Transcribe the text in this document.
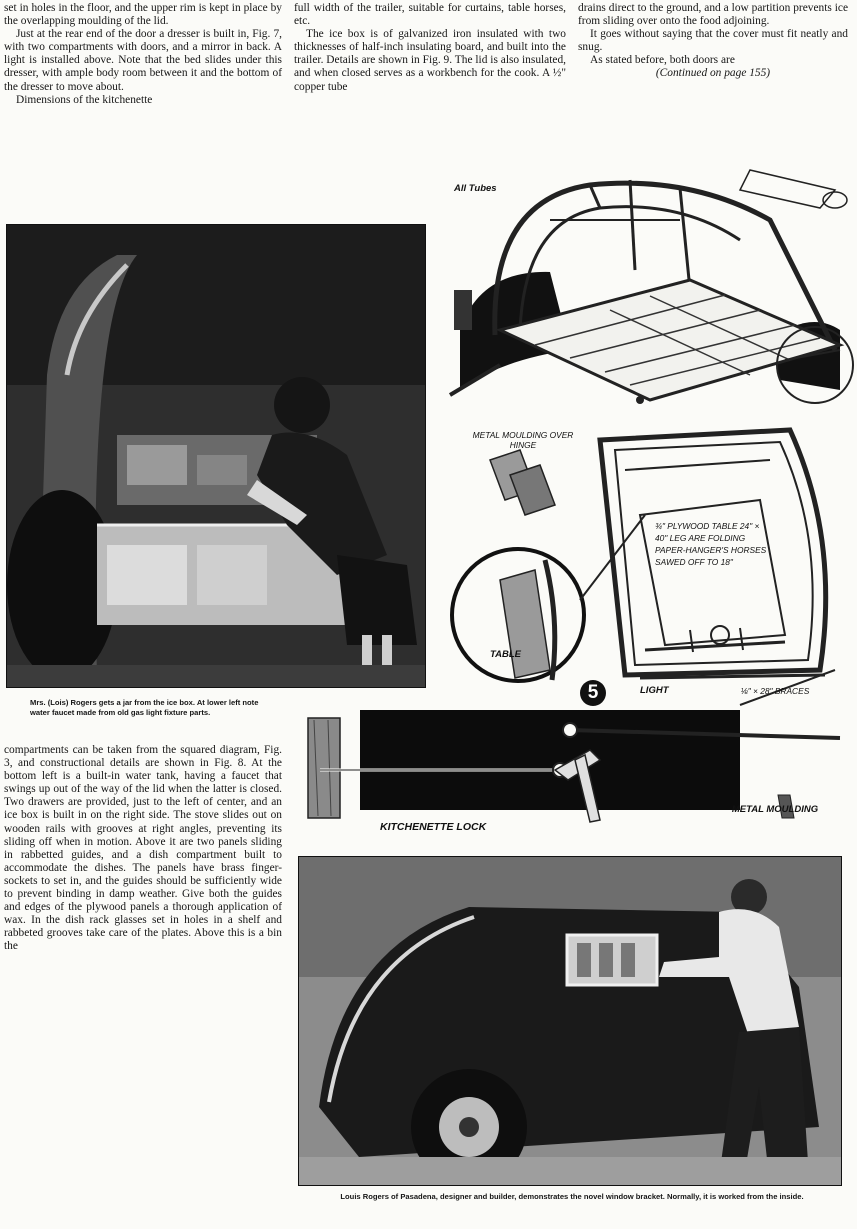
set in holes in the floor, and the upper rim is kept in place by the overlapping moulding of the lid.

Just at the rear end of the door a dresser is built in, Fig. 7, with two compartments with doors, and a mirror in back. A light is installed above. Note that the bed slides under this dresser, with ample body room between it and the bottom of the dresser to move about.

Dimensions of the kitchenette

full width of the trailer, suitable for curtains, table horses, etc.

The ice box is of galvanized iron insulated with two thicknesses of half-inch insulating board, and built into the trailer. Details are shown in Fig. 9. The lid is also insulated, and when closed serves as a workbench for the cook. A ½" copper tube

drains direct to the ground, and a low partition prevents ice from sliding over onto the food adjoining.

It goes without saying that the cover must fit neatly and snug.

As stated before, both doors are

(Continued on page 155)
All Tubes
Mrs. (Lois) Rogers gets a jar from the ice box. At lower left note water faucet made from old gas light fixture parts.
5
METAL MOULDING OVER HINGE
¾" PLYWOOD TABLE 24" × 40" LEG ARE FOLDING PAPER-HANGER'S HORSES SAWED OFF TO 18"
TABLE
LIGHT	⅛" × 28" BRACES
KITCHENETTE LOCK
METAL MOULDING

compartments can be taken from the squared diagram, Fig. 3, and constructional details are shown in Fig. 8. At the bottom left is a built-in water tank, having a faucet that swings up out of the way of the lid when the latter is closed. Two drawers are provided, just to the left of center, and an ice box is built in on the right side. The stove slides out on wooden rails with grooves at right angles, preventing its sliding off when in motion. Above it are two panels sliding in rabbetted guides, and a dish compartment built to accommodate the dishes. The panels have brass finger-sockets to set in, and the guides should be sufficiently wide to prevent binding in damp weather. Give both the guides and edges of the plywood panels a thorough application of wax. In the dish rack glasses set in holes in a shelf and rabbeted grooves take care of the plates. Above this is a bin the

Louis Rogers of Pasadena, designer and builder, demonstrates the novel window bracket. Normally, it is worked from the inside.
